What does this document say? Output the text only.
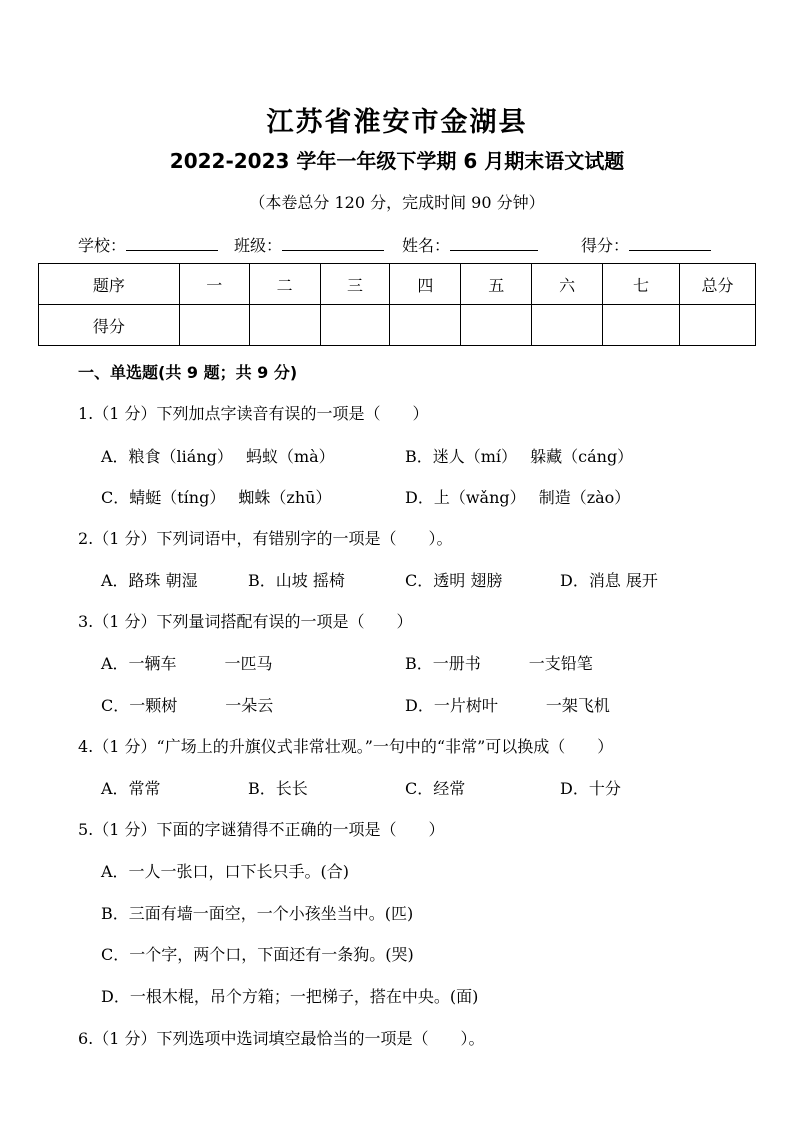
江苏省淮安市金湖县
2022-2023 学年一年级下学期 6 月期末语文试题
（本卷总分 120 分，完成时间 90 分钟）
学校：	班级：	姓名：	得分：
题序	一	二	三	四	五	六	七	总分
得分								
一、单选题(共 9 题；共 9 分)
1.（1 分）下列加点字读音有误的一项是（　　）
A．粮食（liáng）　 蚂蚁（mà）	B．迷人（mí）　 躲藏（cáng）
C．蜻蜓（tíng）　 蜘蛛（zhū）	D．上（wǎng）　 制造（zào）
2.（1 分）下列词语中，有错别字的一项是（　　）。
A．路珠 朝湿	B．山坡 摇椅	C．透明 翅膀	D．消息 展开
3.（1 分）下列量词搭配有误的一项是（　　）
A．一辆车　　　一匹马	B．一册书　　　一支铅笔
C．一颗树　　　一朵云	D．一片树叶　　　一架飞机
4.（1 分）“广场上的升旗仪式非常壮观。”一句中的“非常”可以换成（　　）
A．常常	B．长长	C．经常	D．十分
5.（1 分）下面的字谜猜得不正确的一项是（　　）
A．一人一张口，口下长只手。(合)
B．三面有墙一面空，一个小孩坐当中。(匹)
C．一个字，两个口，下面还有一条狗。(哭)
D．一根木棍，吊个方箱；一把梯子，搭在中央。(面)
6.（1 分）下列选项中选词填空最恰当的一项是（　　）。
